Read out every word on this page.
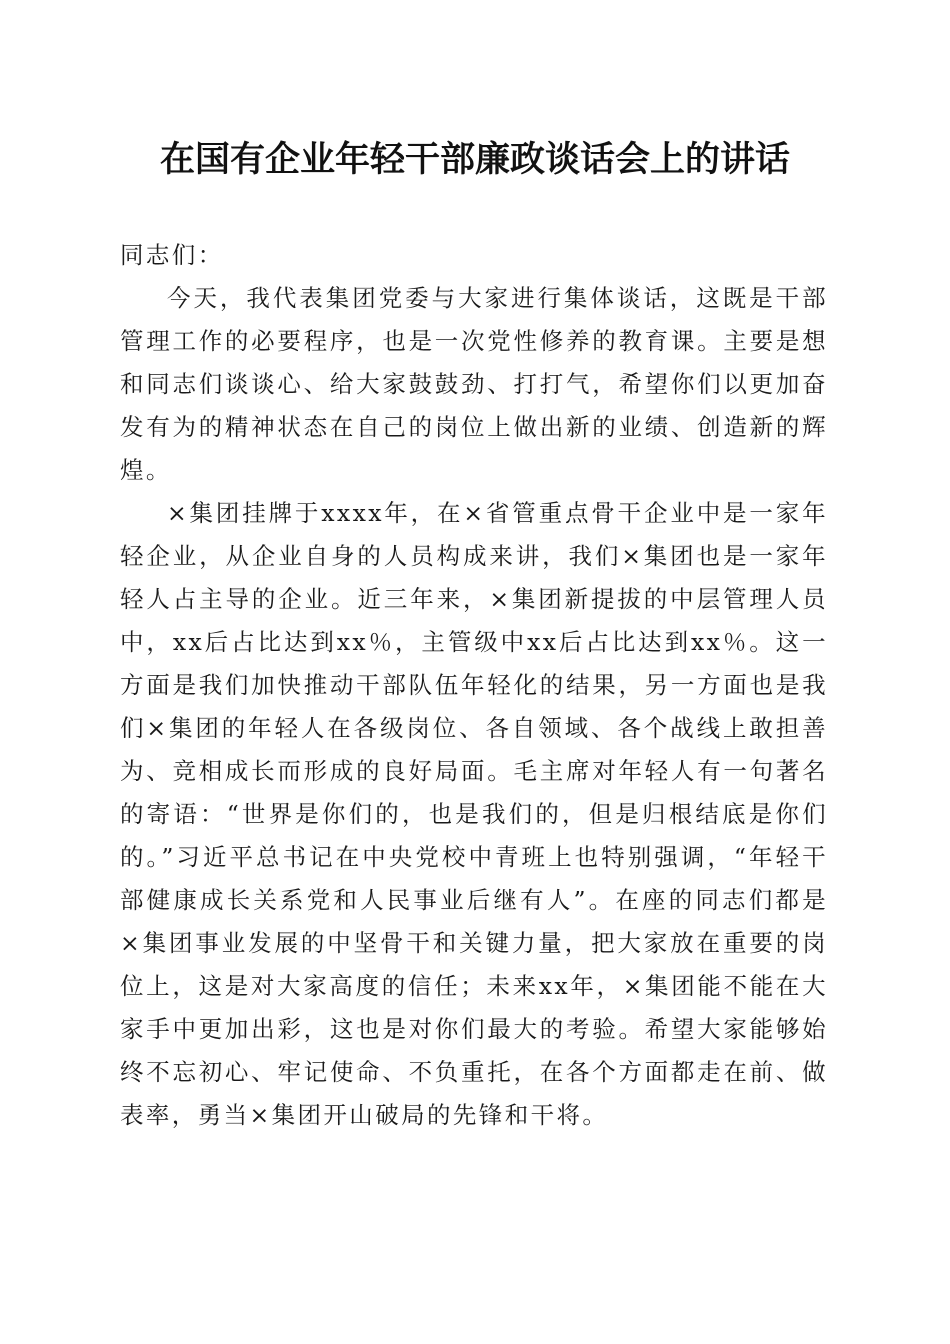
在国有企业年轻干部廉政谈话会上的讲话

同志们：

今天，我代表集团党委与大家进行集体谈话，这既是干部管理工作的必要程序，也是一次党性修养的教育课。主要是想和同志们谈谈心、给大家鼓鼓劲、打打气，希望你们以更加奋发有为的精神状态在自己的岗位上做出新的业绩、创造新的辉煌。

×集团挂牌于xxxx年，在×省管重点骨干企业中是一家年轻企业，从企业自身的人员构成来讲，我们×集团也是一家年轻人占主导的企业。近三年来，×集团新提拔的中层管理人员中，xx后占比达到xx％，主管级中xx后占比达到xx％。这一方面是我们加快推动干部队伍年轻化的结果，另一方面也是我们×集团的年轻人在各级岗位、各自领域、各个战线上敢担善为、竞相成长而形成的良好局面。毛主席对年轻人有一句著名的寄语：“世界是你们的，也是我们的，但是归根结底是你们的。”习近平总书记在中央党校中青班上也特别强调，“年轻干部健康成长关系党和人民事业后继有人”。在座的同志们都是×集团事业发展的中坚骨干和关键力量，把大家放在重要的岗位上，这是对大家高度的信任；未来xx年，×集团能不能在大家手中更加出彩，这也是对你们最大的考验。希望大家能够始终不忘初心、牢记使命、不负重托，在各个方面都走在前、做表率，勇当×集团开山破局的先锋和干将。
